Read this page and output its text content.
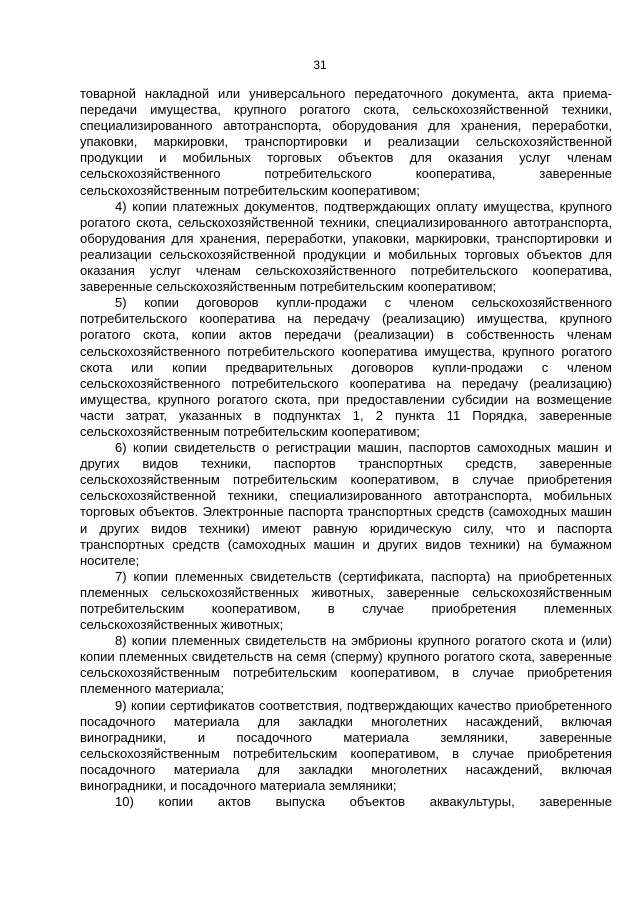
31

товарной накладной или универсального передаточного документа, акта приема-передачи имущества, крупного рогатого скота, сельскохозяйственной техники, специализированного автотранспорта, оборудования для хранения, переработки, упаковки, маркировки, транспортировки и реализации сельскохозяйственной продукции и мобильных торговых объектов для оказания услуг членам сельскохозяйственного потребительского кооператива, заверенные сельскохозяйственным потребительским кооперативом;

4) копии платежных документов, подтверждающих оплату имущества, крупного рогатого скота, сельскохозяйственной техники, специализированного автотранспорта, оборудования для хранения, переработки, упаковки, маркировки, транспортировки и реализации сельскохозяйственной продукции и мобильных торговых объектов для оказания услуг членам сельскохозяйственного потребительского кооператива, заверенные сельскохозяйственным потребительским кооперативом;

5) копии договоров купли-продажи с членом сельскохозяйственного потребительского кооператива на передачу (реализацию) имущества, крупного рогатого скота, копии актов передачи (реализации) в собственность членам сельскохозяйственного потребительского кооператива имущества, крупного рогатого скота или копии предварительных договоров купли-продажи с членом сельскохозяйственного потребительского кооператива на передачу (реализацию) имущества, крупного рогатого скота, при предоставлении субсидии на возмещение части затрат, указанных в подпунктах 1, 2 пункта 11 Порядка, заверенные сельскохозяйственным потребительским кооперативом;

6) копии свидетельств о регистрации машин, паспортов самоходных машин и других видов техники, паспортов транспортных средств, заверенные сельскохозяйственным потребительским кооперативом, в случае приобретения сельскохозяйственной техники, специализированного автотранспорта, мобильных торговых объектов. Электронные паспорта транспортных средств (самоходных машин и других видов техники) имеют равную юридическую силу, что и паспорта транспортных средств (самоходных машин и других видов техники) на бумажном носителе;

7) копии племенных свидетельств (сертификата, паспорта) на приобретенных племенных сельскохозяйственных животных, заверенные сельскохозяйственным потребительским кооперативом, в случае приобретения племенных сельскохозяйственных животных;

8) копии племенных свидетельств на эмбрионы крупного рогатого скота и (или) копии племенных свидетельств на семя (сперму) крупного рогатого скота, заверенные сельскохозяйственным потребительским кооперативом, в случае приобретения племенного материала;

9) копии сертификатов соответствия, подтверждающих качество приобретенного посадочного материала для закладки многолетних насаждений, включая виноградники, и посадочного материала земляники, заверенные сельскохозяйственным потребительским кооперативом, в случае приобретения посадочного материала для закладки многолетних насаждений, включая виноградники, и посадочного материала земляники;

10) копии актов выпуска объектов аквакультуры, заверенные
